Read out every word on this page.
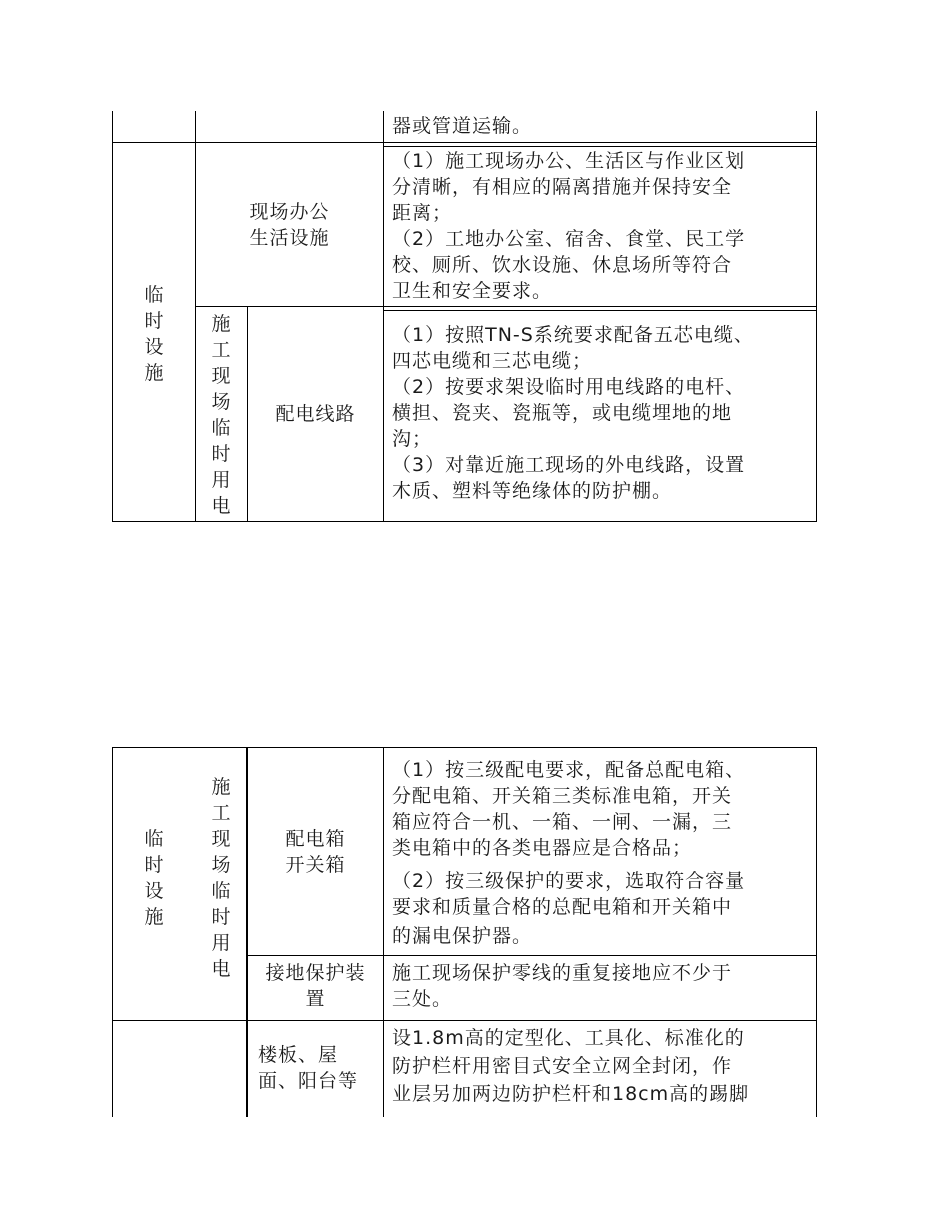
器或管道运输。
临时设施
现场办公
生活设施
（1）施工现场办公、生活区与作业区划
分清晰，有相应的隔离措施并保持安全
距离；
（2）工地办公室、宿舍、食堂、民工学
校、厕所、饮水设施、休息场所等符合
卫生和安全要求。
施工现场临时用电
配电线路
（1）按照TN-S系统要求配备五芯电缆、
四芯电缆和三芯电缆；
（2）按要求架设临时用电线路的电杆、
横担、瓷夹、瓷瓶等，或电缆埋地的地
沟；
（3）对靠近施工现场的外电线路，设置
木质、塑料等绝缘体的防护棚。
临时设施
施工现场临时用电
配电箱
开关箱
（1）按三级配电要求，配备总配电箱、
分配电箱、开关箱三类标准电箱，开关
箱应符合一机、一箱、一闸、一漏，三
类电箱中的各类电器应是合格品；
（2）按三级保护的要求，选取符合容量
要求和质量合格的总配电箱和开关箱中
的漏电保护器。
接地保护装
置
施工现场保护零线的重复接地应不少于
三处。
楼板、屋
面、阳台等
设1.8m高的定型化、工具化、标准化的
防护栏杆用密目式安全立网全封闭，作
业层另加两边防护栏杆和18cm高的踢脚
